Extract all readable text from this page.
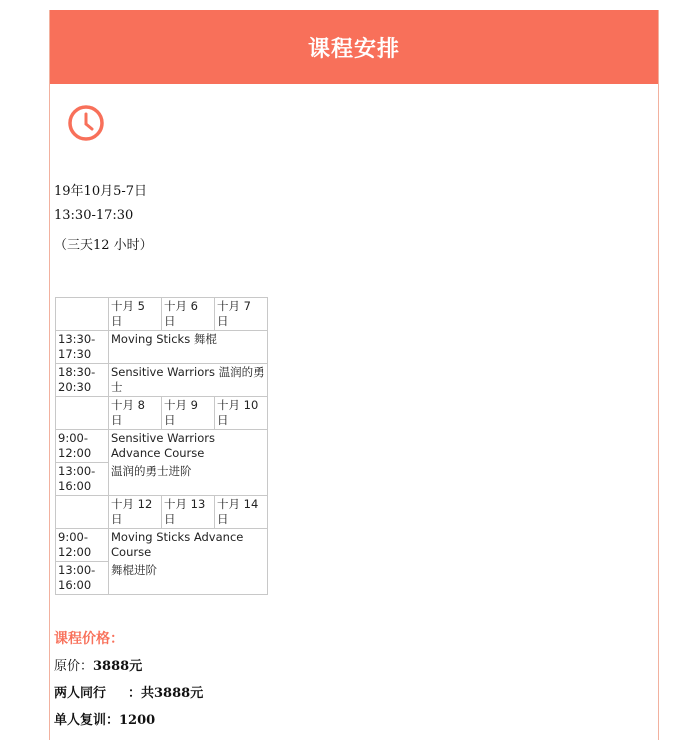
课程安排
19年10月5-7日
13:30-17:30
（三天12 小时）
	十月 5 日	十月 6 日	十月 7 日
13:30-17:30	Moving Sticks 舞棍		
18:30-20:30	Sensitive Warriors 温润的勇士		
	十月 8 日	十月 9 日	十月 10 日
9:00-12:00	Sensitive Warriors Advance Course		
13:00-16:00	温润的勇士进阶		
	十月 12 日	十月 13 日	十月 14 日
9:00-12:00	Moving Sticks Advance Course		
13:00-16:00	舞棍进阶		
课程价格：
原价：3888元
两人同行 ：共3888元
单人复训：1200
